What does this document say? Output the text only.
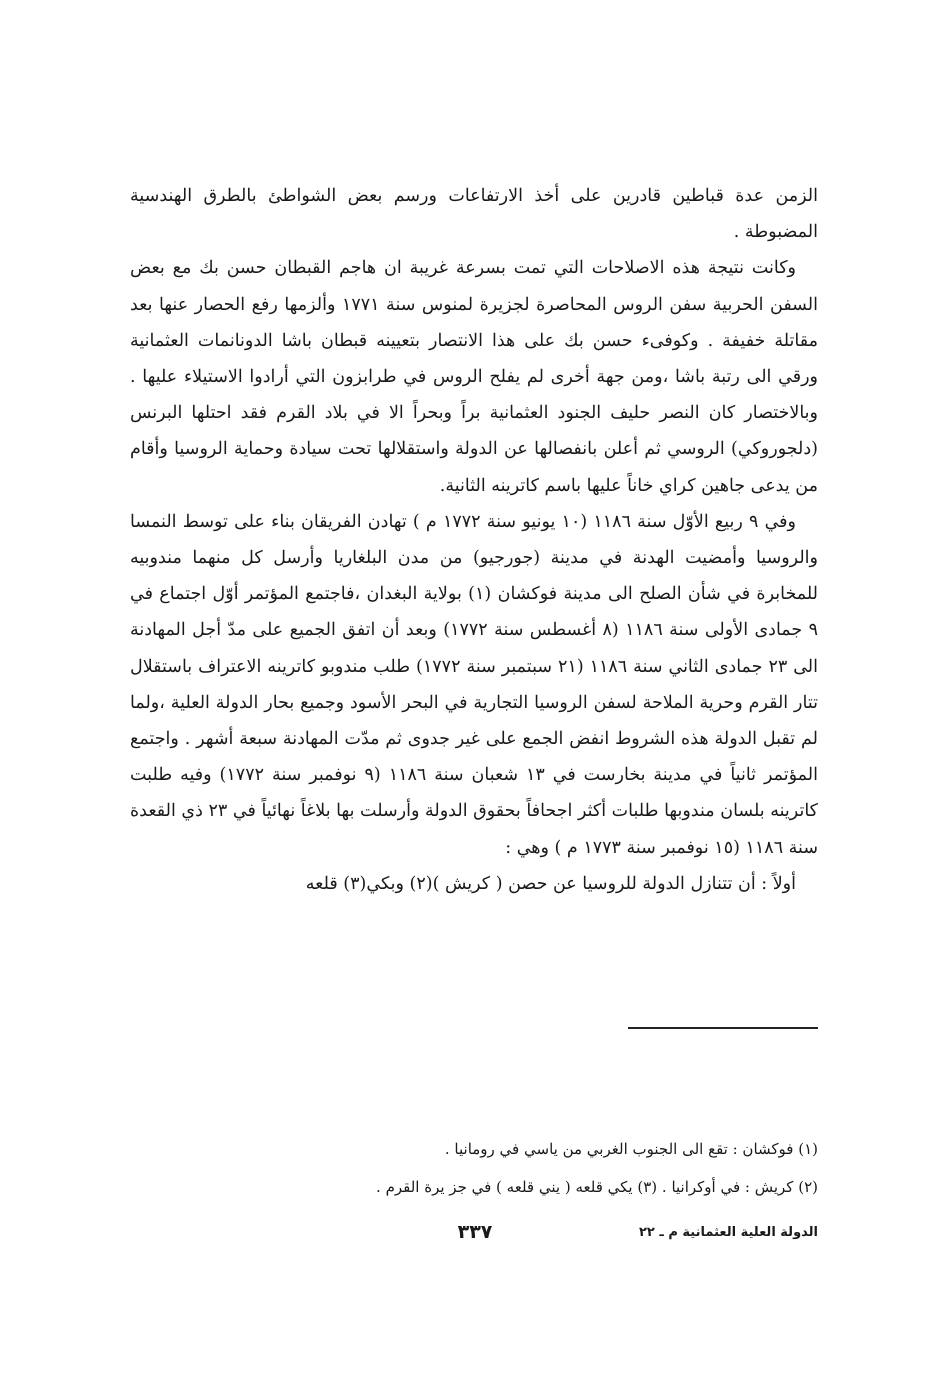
الزمن عدة قباطين قادرين على أخذ الارتفاعات ورسم بعض الشواطئ بالطرق الهندسية المضبوطة .

وكانت نتيجة هذه الاصلاحات التي تمت بسرعة غريبة ان هاجم القبطان حسن بك مع بعض السفن الحربية سفن الروس المحاصرة لجزيرة لمنوس سنة ١٧٧١ وألزمها رفع الحصار عنها بعد مقاتلة خفيفة . وكوفىء حسن بك على هذا الانتصار بتعيينه قبطان باشا الدونانمات العثمانية ورقي الى رتبة باشا ،ومن جهة أخرى لم يفلح الروس في طرابزون التي أرادوا الاستيلاء عليها . وبالاختصار كان النصر حليف الجنود العثمانية براً وبحراً الا في بلاد القرم فقد احتلها البرنس (دلجوروكي) الروسي ثم أعلن بانفصالها عن الدولة واستقلالها تحت سيادة وحماية الروسيا وأقام من يدعى جاهين كراي خاناً عليها باسم كاترينه الثانية.

وفي ٩ ربيع الأوّل سنة ١١٨٦ (١٠ يونيو سنة ١٧٧٢ م ) تهادن الفريقان بناء على توسط النمسا والروسيا وأمضيت الهدنة في مدينة (جورجيو) من مدن البلغاريا وأرسل كل منهما مندوبيه للمخابرة في شأن الصلح الى مدينة فوكشان (١) بولاية البغدان ،فاجتمع المؤتمر أوّل اجتماع في ٩ جمادى الأولى سنة ١١٨٦ (٨ أغسطس سنة ١٧٧٢) وبعد أن اتفق الجميع على مدّ أجل المهادنة الى ٢٣ جمادى الثاني سنة ١١٨٦ (٢١ سبتمبر سنة ١٧٧٢) طلب مندوبو كاترينه الاعتراف باستقلال تتار القرم وحرية الملاحة لسفن الروسيا التجارية في البحر الأسود وجميع بحار الدولة العلية ،ولما لم تقبل الدولة هذه الشروط انفض الجمع على غير جدوى ثم مدّت المهادنة سبعة أشهر . واجتمع المؤتمر ثانياً في مدينة بخارست في ١٣ شعبان سنة ١١٨٦ (٩ نوفمبر سنة ١٧٧٢) وفيه طلبت كاترينه بلسان مندوبها طلبات أكثر اجحافاً بحقوق الدولة وأرسلت بها بلاغاً نهائياً في ٢٣ ذي القعدة سنة ١١٨٦ (١٥ نوفمبر سنة ١٧٧٣ م ) وهي :

أولاً : أن تتنازل الدولة للروسيا عن حصن ( كريش )(٢) وبكي(٣) قلعه

(١) فوكشان : تقع الى الجنوب الغربي من ياسي في رومانيا .

(٢) كريش : في أوكرانيا . (٣) يكي قلعه ( يني قلعه ) في جز يرة القرم .

الدولة العلية العثمانية م ـ ٢٢
٣٣٧
